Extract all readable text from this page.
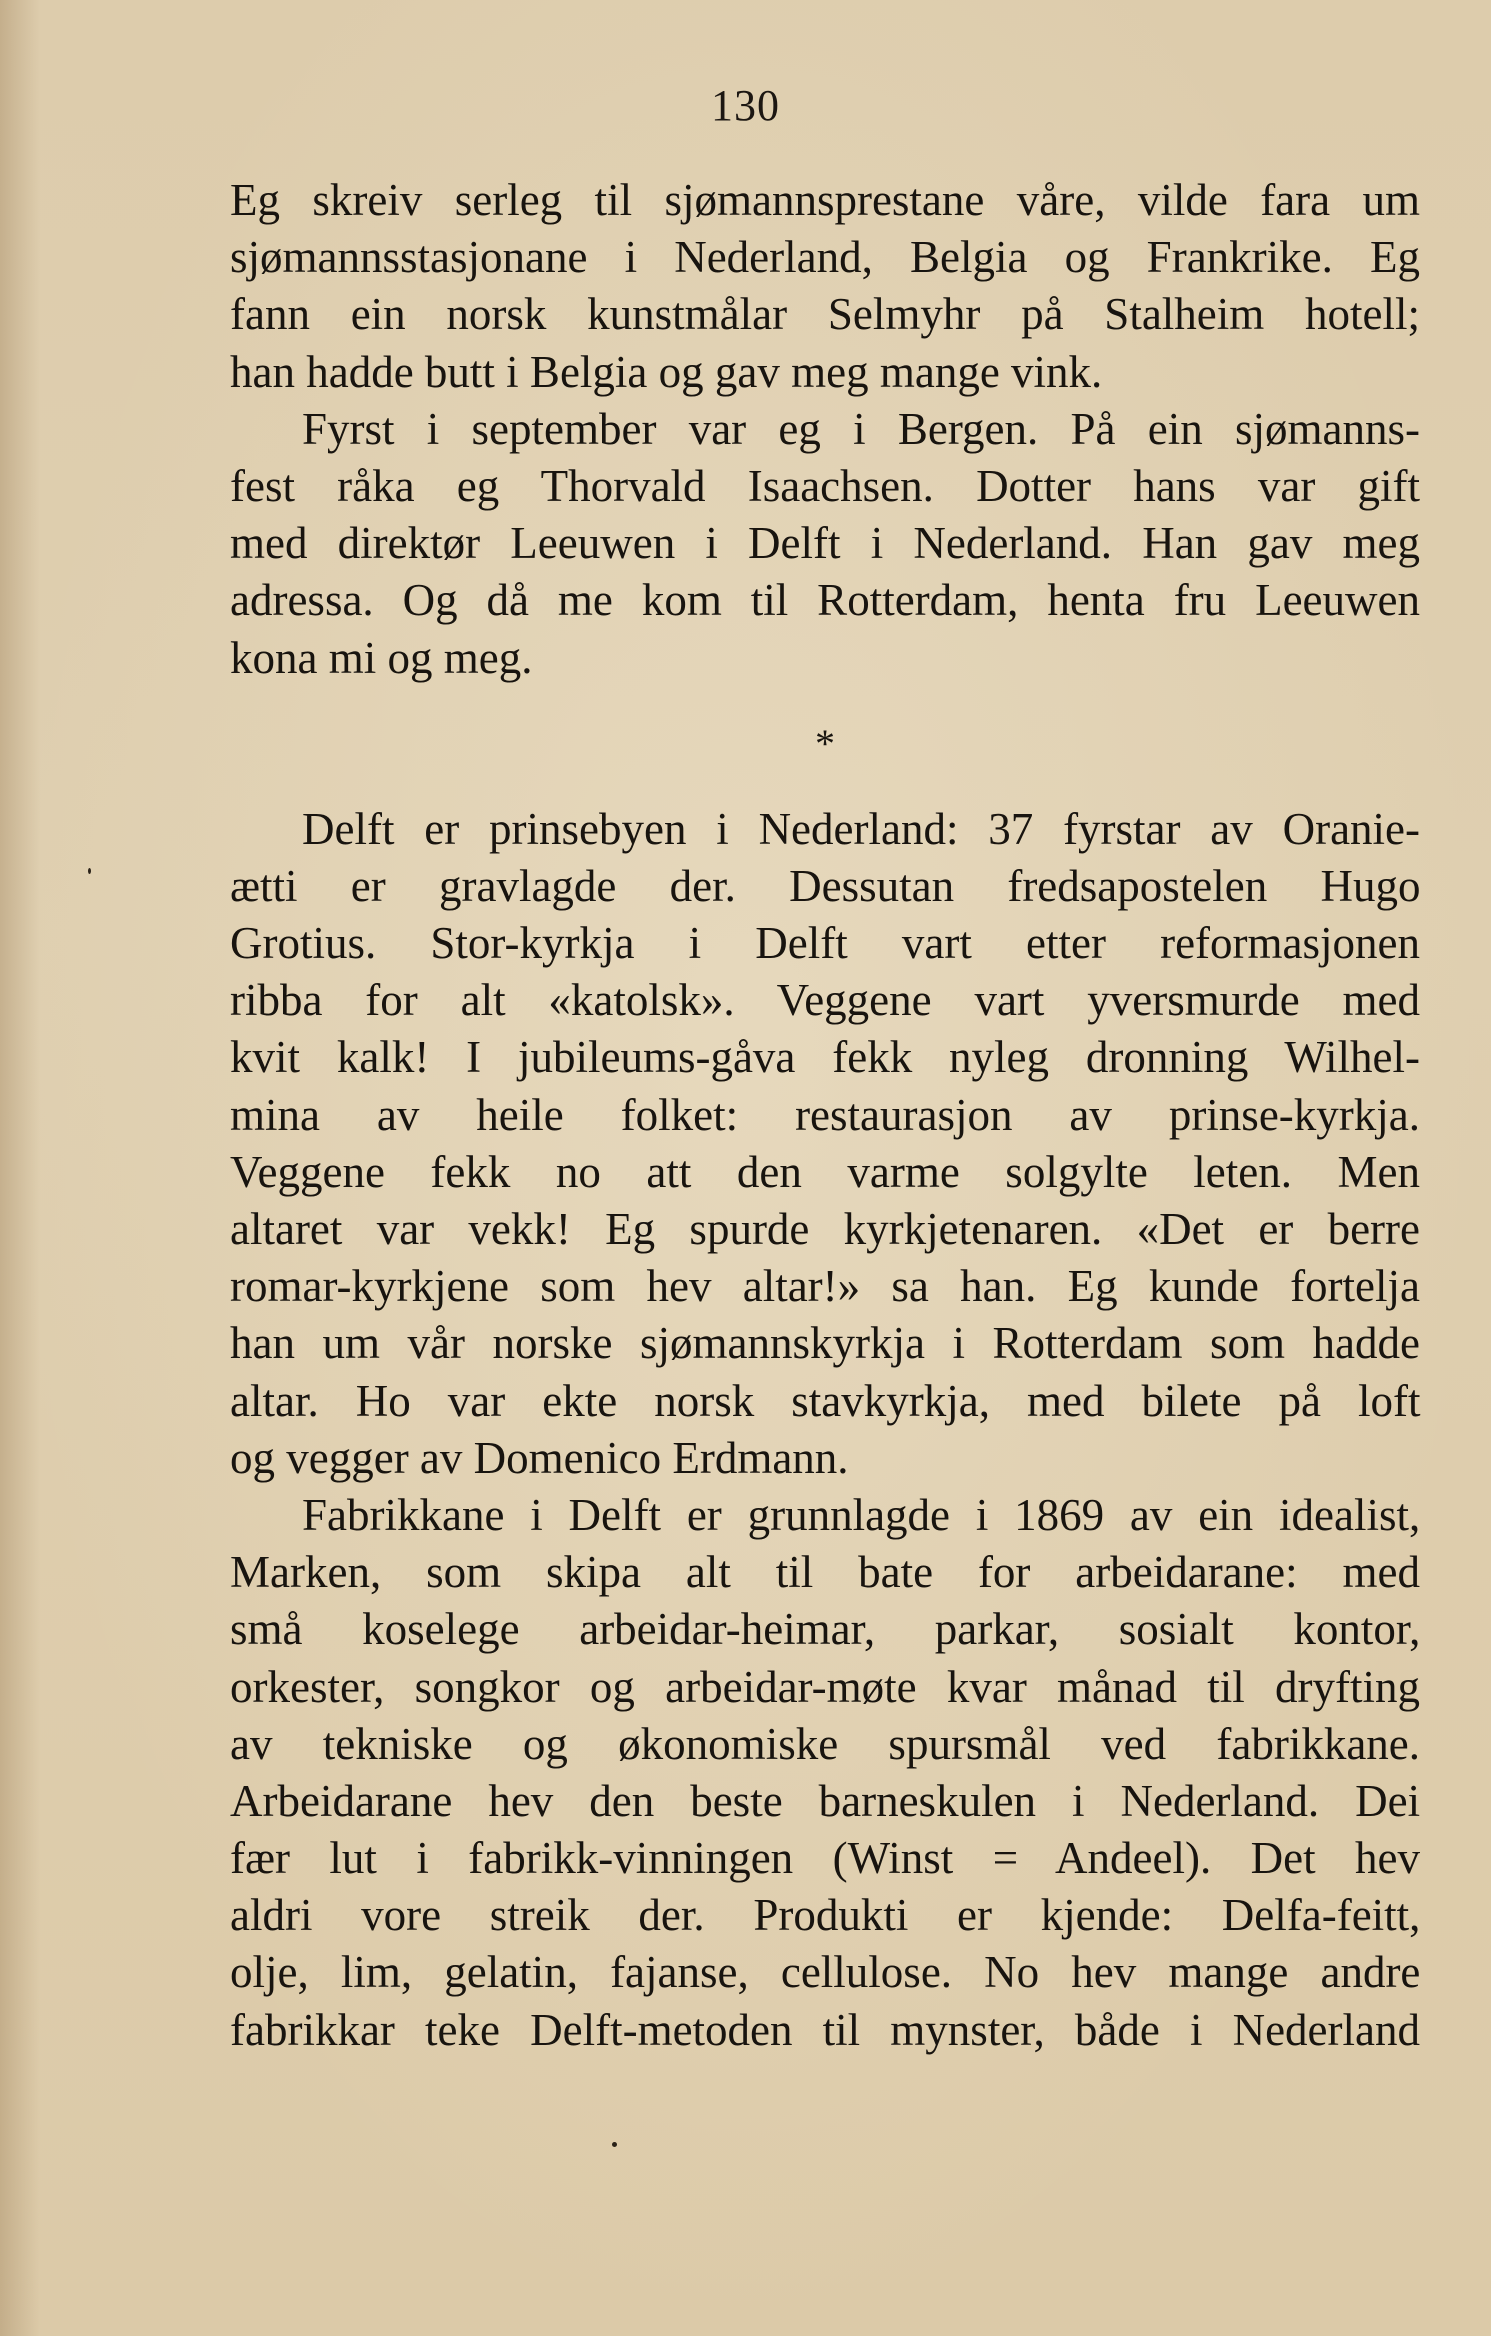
130
Eg skreiv serleg til sjømannsprestane våre, vilde fara um
sjømannsstasjonane i Nederland, Belgia og Frankrike. Eg
fann ein norsk kunstmålar Selmyhr på Stalheim hotell;
han hadde butt i Belgia og gav meg mange vink.
Fyrst i september var eg i Bergen. På ein sjømanns-
fest råka eg Thorvald Isaachsen. Dotter hans var gift
med direktør Leeuwen i Delft i Nederland. Han gav meg
adressa. Og då me kom til Rotterdam, henta fru Leeuwen
kona mi og meg.
*
Delft er prinsebyen i Nederland: 37 fyrstar av Oranie-
ætti er gravlagde der. Dessutan fredsapostelen Hugo
Grotius. Stor-kyrkja i Delft vart etter reformasjonen
ribba for alt «katolsk». Veggene vart yversmurde med
kvit kalk! I jubileums-gåva fekk nyleg dronning Wilhel-
mina av heile folket: restaurasjon av prinse-kyrkja.
Veggene fekk no att den varme solgylte leten. Men
altaret var vekk! Eg spurde kyrkjetenaren. «Det er berre
romar-kyrkjene som hev altar!» sa han. Eg kunde fortelja
han um vår norske sjømannskyrkja i Rotterdam som hadde
altar. Ho var ekte norsk stavkyrkja, med bilete på loft
og vegger av Domenico Erdmann.
Fabrikkane i Delft er grunnlagde i 1869 av ein idealist,
Marken, som skipa alt til bate for arbeidarane: med
små koselege arbeidar-heimar, parkar, sosialt kontor,
orkester, songkor og arbeidar-møte kvar månad til dryfting
av tekniske og økonomiske spursmål ved fabrikkane.
Arbeidarane hev den beste barneskulen i Nederland. Dei
fær lut i fabrikk-vinningen (Winst = Andeel). Det hev
aldri vore streik der. Produkti er kjende: Delfa-feitt,
olje, lim, gelatin, fajanse, cellulose. No hev mange andre
fabrikkar teke Delft-metoden til mynster, både i Nederland
